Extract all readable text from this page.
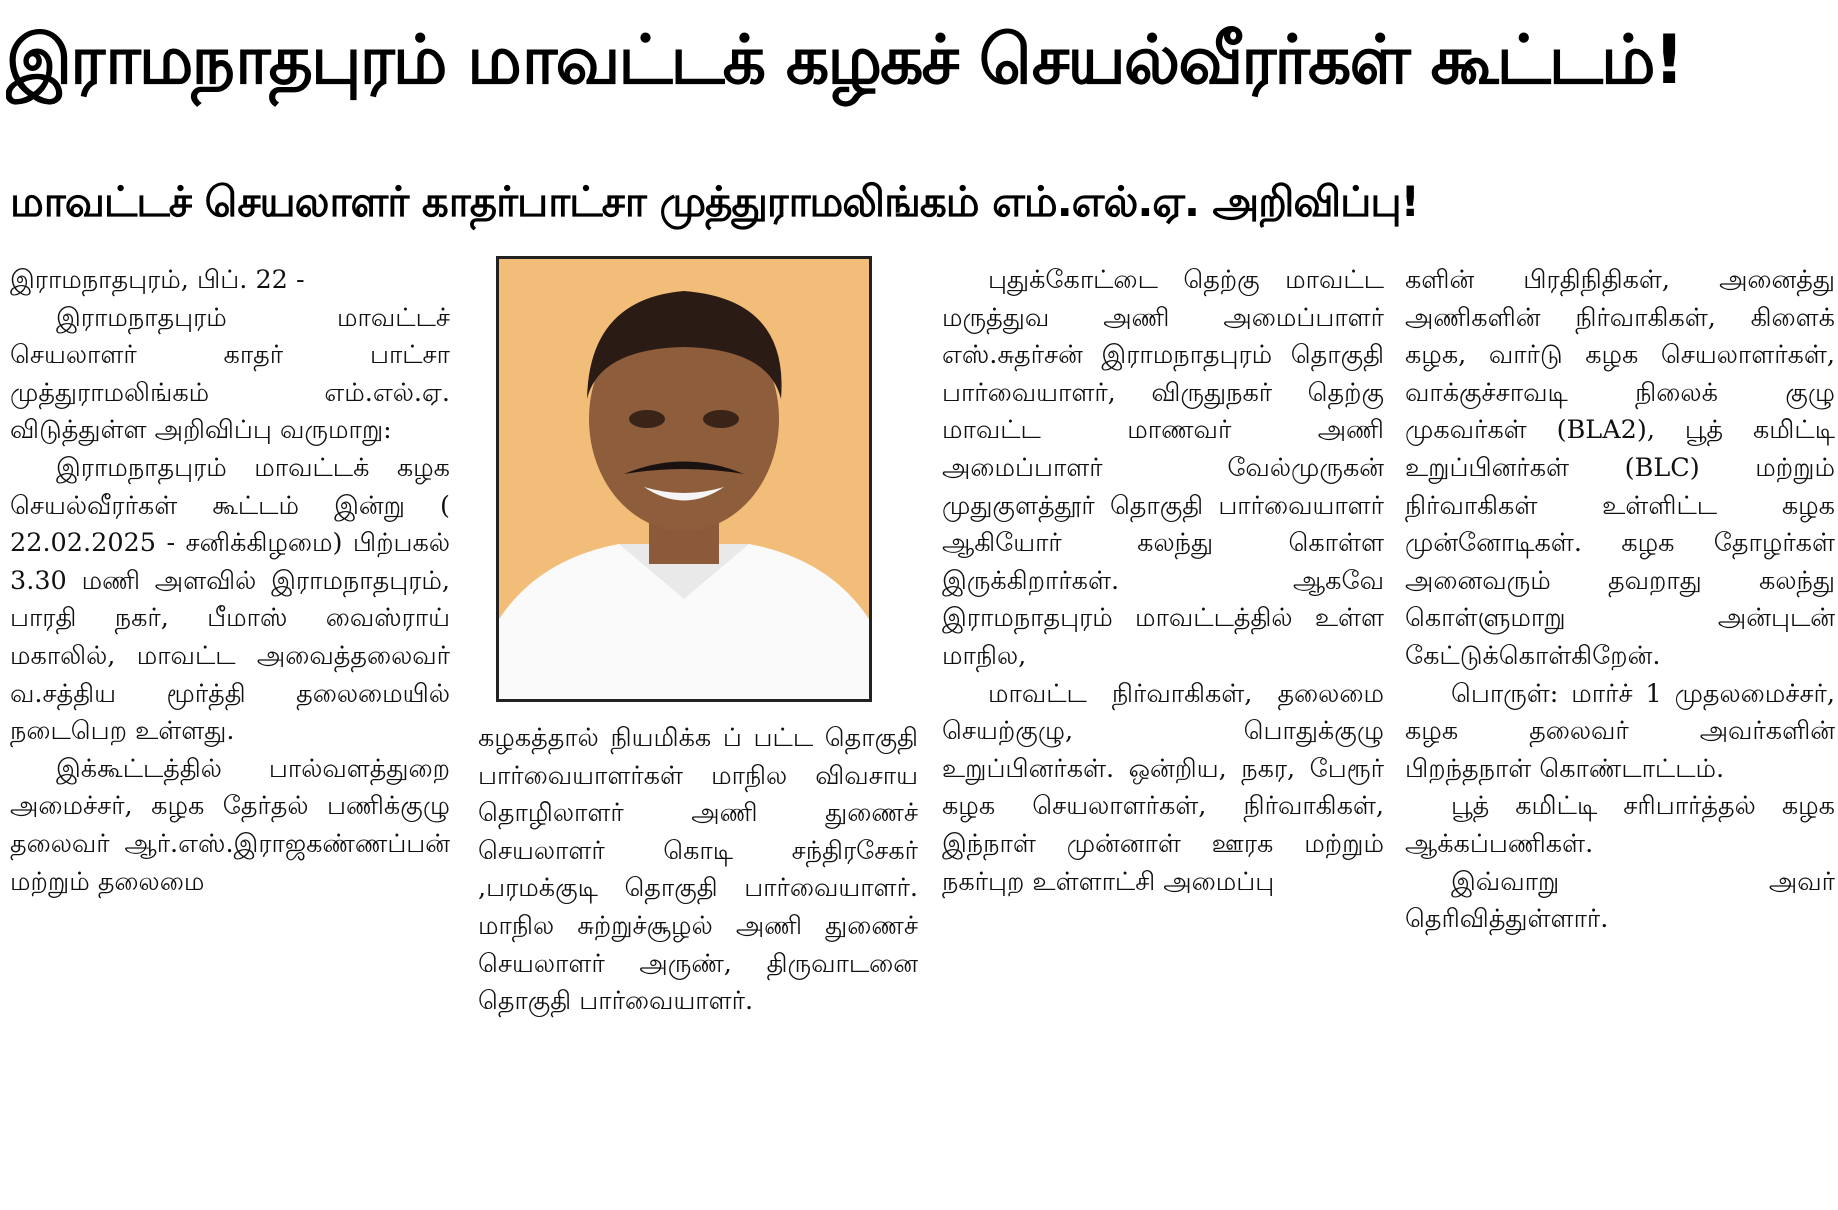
இராமநாதபுரம் மாவட்டக் கழகச் செயல்வீரர்கள் கூட்டம்!
மாவட்டச் செயலாளர் காதர்பாட்சா முத்துராமலிங்கம் எம்.எல்.ஏ. அறிவிப்பு!

இராமநாதபுரம், பிப். 22 -

இராமநாதபுரம் மாவட்டச் செயலாளர் காதர் பாட்சா முத்துராமலிங்கம் எம்.எல்.ஏ. விடுத்துள்ள அறிவிப்பு வருமாறு:

இராமநாதபுரம் மாவட்டக் கழக செயல்வீரர்கள் கூட்டம் இன்று ( 22.02.2025 - சனிக்கிழமை) பிற்பகல் 3.30 மணி அளவில் இராமநாதபுரம், பாரதி நகர், பீமாஸ் வைஸ்ராய் மகாலில், மாவட்ட அவைத்தலைவர் வ.சத்திய மூர்த்தி தலைமையில் நடைபெற உள்ளது.

இக்கூட்டத்தில் பால்வளத்துறை அமைச்சர், கழக தேர்தல் பணிக்குழு தலைவர் ஆர்.எஸ்.இராஜகண்ணப்பன் மற்றும் தலைமை

கழகத்தால் நியமிக்க ப் பட்ட தொகுதி பார்வையாளர்கள் மாநில விவசாய தொழிலாளர் அணி துணைச் செயலாளர் கொடி சந்திரசேகர் ,பரமக்குடி தொகுதி பார்வையாளர். மாநில சுற்றுச்சூழல் அணி துணைச் செயலாளர் அருண், திருவாடனை தொகுதி பார்வையாளர்.

புதுக்கோட்டை தெற்கு மாவட்ட மருத்துவ அணி அமைப்பாளர் எஸ்.சுதர்சன் இராமநாதபுரம் தொகுதி பார்வையாளர், விருதுநகர் தெற்கு மாவட்ட மாணவர் அணி அமைப்பாளர் வேல்முருகன் முதுகுளத்தூர் தொகுதி பார்வையாளர் ஆகியோர் கலந்து கொள்ள இருக்கிறார்கள். ஆகவே இராமநாதபுரம் மாவட்டத்தில் உள்ள மாநில,

மாவட்ட நிர்வாகிகள், தலைமை செயற்குழு, பொதுக்குழு உறுப்பினர்கள். ஒன்றிய, நகர, பேரூர் கழக செயலாளர்கள், நிர்வாகிகள், இந்நாள் முன்னாள் ஊரக மற்றும் நகர்புற உள்ளாட்சி அமைப்பு

களின் பிரதிநிதிகள், அனைத்து அணிகளின் நிர்வாகிகள், கிளைக் கழக, வார்டு கழக செயலாளர்கள், வாக்குச்சாவடி நிலைக் குழு முகவர்கள் (BLA2), பூத் கமிட்டி உறுப்பினர்கள் (BLC) மற்றும் நிர்வாகிகள் உள்ளிட்ட கழக முன்னோடிகள். கழக தோழர்கள் அனைவரும் தவறாது கலந்து கொள்ளுமாறு அன்புடன் கேட்டுக்கொள்கிறேன்.

பொருள்: மார்ச் 1 முதலமைச்சர், கழக தலைவர் அவர்களின் பிறந்தநாள் கொண்டாட்டம்.

பூத் கமிட்டி சரிபார்த்தல் கழக ஆக்கப்பணிகள்.

இவ்வாறு அவர் தெரிவித்துள்ளார்.
